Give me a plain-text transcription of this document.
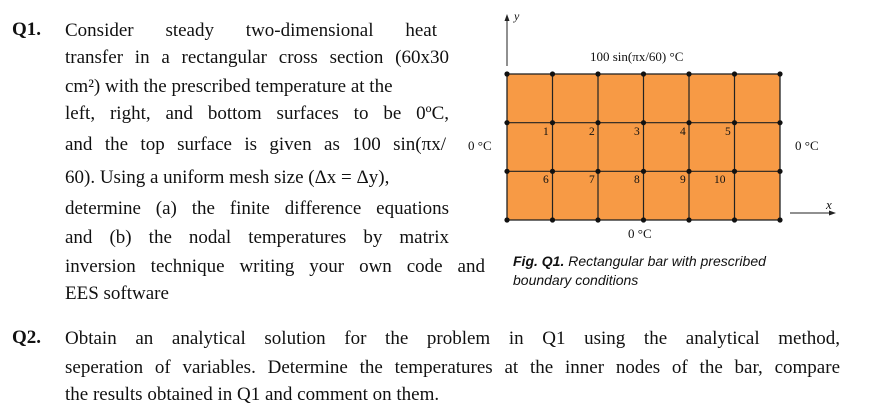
Q1. Consider steady two-dimensional heat
transfer in a rectangular cross section (60x30
cm²) with the prescribed temperature at the
left, right, and bottom surfaces to be 0ºC,
and the top surface is given as 100 sin(πx/
60). Using a uniform mesh size (Δx = Δy),
determine (a) the finite difference equations
and (b) the nodal temperatures by matrix
inversion technique writing your own code and
EES software
y
x
100 sin(πx/60) °C
0 °C	0 °C
0 °C
1	2	3	4	5
6	7	8	9 10
Fig. Q1. Rectangular bar with prescribed
boundary conditions
Q2. Obtain an analytical solution for the problem in Q1 using the analytical method,
seperation of variables. Determine the temperatures at the inner nodes of the bar, compare
the results obtained in Q1 and comment on them.
